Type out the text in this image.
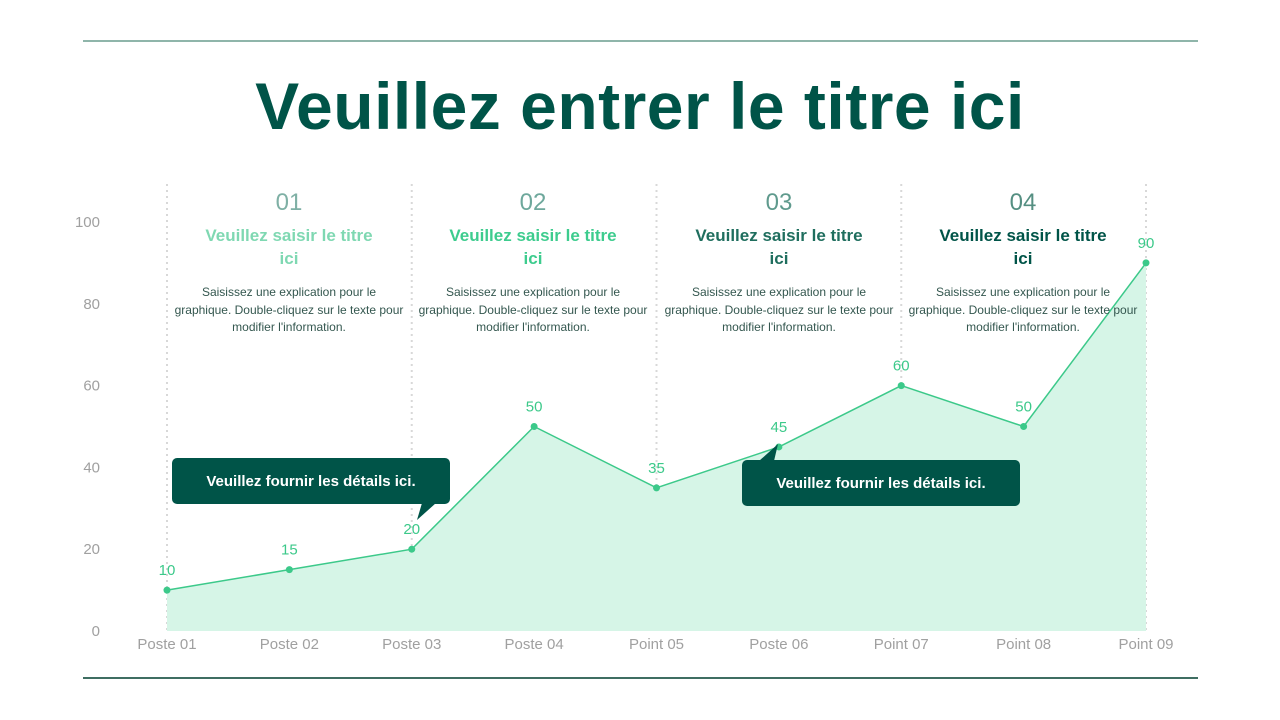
Veuillez entrer le titre ici
0
20
40
60
80
100
Poste 01	Poste 02	Poste 03	Poste 04	Point 05	Poste 06	Point 07	Point 08	Point 09
10
15
20
50
35
45
60
50
90
01
Veuillez saisir le titre ici
Saisissez une explication pour le graphique. Double-cliquez sur le texte pour modifier l'information.
02
Veuillez saisir le titre ici
Saisissez une explication pour le graphique. Double-cliquez sur le texte pour modifier l'information.
03
Veuillez saisir le titre ici
Saisissez une explication pour le graphique. Double-cliquez sur le texte pour modifier l'information.
04
Veuillez saisir le titre ici
Saisissez une explication pour le graphique. Double-cliquez sur le texte pour modifier l'information.
Veuillez fournir les détails ici.	Veuillez fournir les détails ici.
